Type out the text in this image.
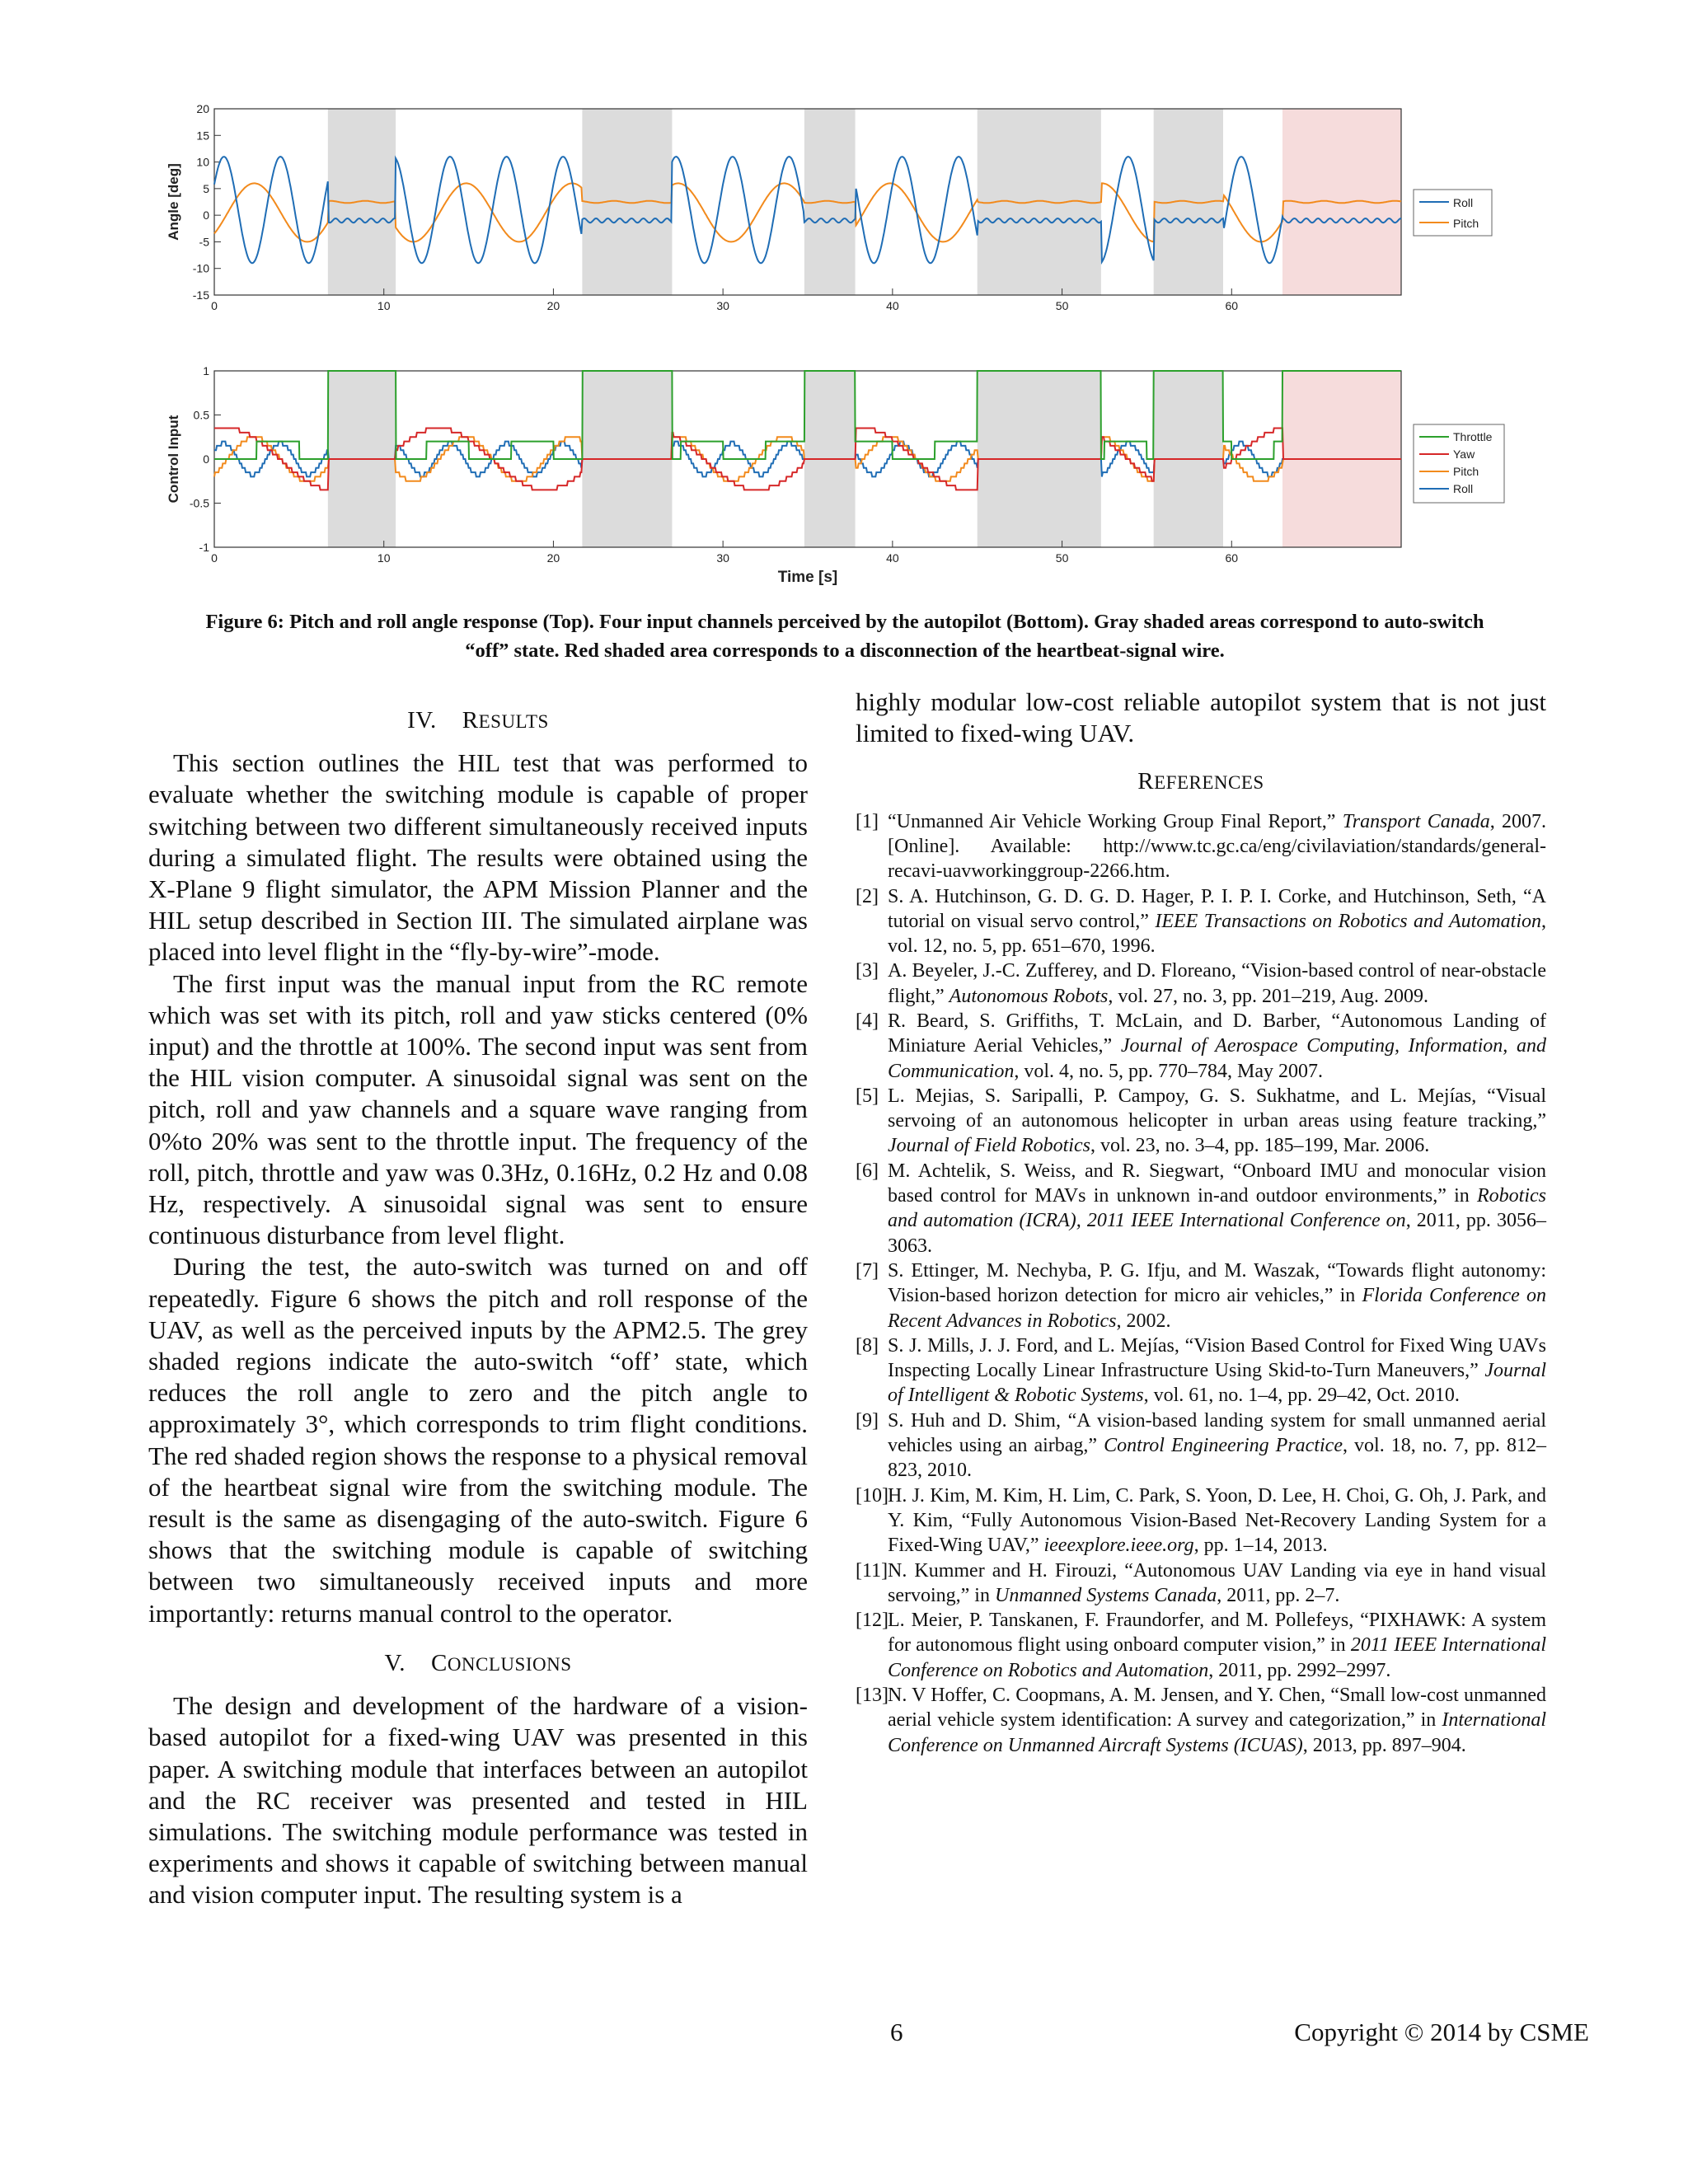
20
15
10
5
0
-5
-10
-15
0	10	20	30	40	50	60
Angle [deg]	Roll
Pitch
1
0.5
0
-0.5
-1
0	10	20	30	40	50	60
Control Input
Time [s]
Throttle
Yaw
Pitch
Roll
Figure 6: Pitch and roll angle response (Top). Four input channels perceived by the autopilot (Bottom). Gray shaded areas correspond to auto-switch
“off” state. Red shaded area corresponds to a disconnection of the heartbeat-signal wire.
IV. RESULTS

This section outlines the HIL test that was performed to evaluate whether the switching module is capable of proper switching between two different simultaneously received inputs during a simulated flight. The results were obtained using the X-Plane 9 flight simulator, the APM Mission Planner and the HIL setup described in Section III. The simulated airplane was placed into level flight in the “fly-by-wire”-mode.

The first input was the manual input from the RC remote which was set with its pitch, roll and yaw sticks centered (0% input) and the throttle at 100%. The second input was sent from the HIL vision computer. A sinusoidal signal was sent on the pitch, roll and yaw channels and a square wave ranging from 0%to 20% was sent to the throttle input. The frequency of the roll, pitch, throttle and yaw was 0.3Hz, 0.16Hz, 0.2 Hz and 0.08 Hz, respectively. A sinusoidal signal was sent to ensure continuous disturbance from level flight.

During the test, the auto-switch was turned on and off repeatedly. Figure 6 shows the pitch and roll response of the UAV, as well as the perceived inputs by the APM2.5. The grey shaded regions indicate the auto-switch “off’ state, which reduces the roll angle to zero and the pitch angle to approximately 3°, which corresponds to trim flight conditions. The red shaded region shows the response to a physical removal of the heartbeat signal wire from the switching module. The result is the same as disengaging of the auto-switch. Figure 6 shows that the switching module is capable of switching between two simultaneously received inputs and more importantly: returns manual control to the operator.

V. CONCLUSIONS

The design and development of the hardware of a vision-based autopilot for a fixed-wing UAV was presented in this paper. A switching module that interfaces between an autopilot and the RC receiver was presented and tested in HIL simulations. The switching module performance was tested in experiments and shows it capable of switching between manual and vision computer input. The resulting system is a

highly modular low-cost reliable autopilot system that is not just limited to fixed-wing UAV.

REFERENCES
[1] “Unmanned Air Vehicle Working Group Final Report,” Transport Canada, 2007. [Online]. Available: http://www.tc.gc.ca/eng/civilaviation/standards/general-recavi-uavworkinggroup-2266.htm.
[2] S. A. Hutchinson, G. D. G. D. Hager, P. I. P. I. Corke, and Hutchinson, Seth, “A tutorial on visual servo control,” IEEE Transactions on Robotics and Automation, vol. 12, no. 5, pp. 651–670, 1996.
[3] A. Beyeler, J.-C. Zufferey, and D. Floreano, “Vision-based control of near-obstacle flight,” Autonomous Robots, vol. 27, no. 3, pp. 201–219, Aug. 2009.
[4] R. Beard, S. Griffiths, T. McLain, and D. Barber, “Autonomous Landing of Miniature Aerial Vehicles,” Journal of Aerospace Computing, Information, and Communication, vol. 4, no. 5, pp. 770–784, May 2007.
[5] L. Mejias, S. Saripalli, P. Campoy, G. S. Sukhatme, and L. Mejías, “Visual servoing of an autonomous helicopter in urban areas using feature tracking,” Journal of Field Robotics, vol. 23, no. 3–4, pp. 185–199, Mar. 2006.
[6] M. Achtelik, S. Weiss, and R. Siegwart, “Onboard IMU and monocular vision based control for MAVs in unknown in-and outdoor environments,” in Robotics and automation (ICRA), 2011 IEEE International Conference on, 2011, pp. 3056–3063.
[7] S. Ettinger, M. Nechyba, P. G. Ifju, and M. Waszak, “Towards flight autonomy: Vision-based horizon detection for micro air vehicles,” in Florida Conference on Recent Advances in Robotics, 2002.
[8] S. J. Mills, J. J. Ford, and L. Mejías, “Vision Based Control for Fixed Wing UAVs Inspecting Locally Linear Infrastructure Using Skid-to-Turn Maneuvers,” Journal of Intelligent & Robotic Systems, vol. 61, no. 1–4, pp. 29–42, Oct. 2010.
[9] S. Huh and D. Shim, “A vision-based landing system for small unmanned aerial vehicles using an airbag,” Control Engineering Practice, vol. 18, no. 7, pp. 812–823, 2010.
[10] H. J. Kim, M. Kim, H. Lim, C. Park, S. Yoon, D. Lee, H. Choi, G. Oh, J. Park, and Y. Kim, “Fully Autonomous Vision-Based Net-Recovery Landing System for a Fixed-Wing UAV,” ieeexplore.ieee.org, pp. 1–14, 2013.
[11] N. Kummer and H. Firouzi, “Autonomous UAV Landing via eye in hand visual servoing,” in Unmanned Systems Canada, 2011, pp. 2–7.
[12] L. Meier, P. Tanskanen, F. Fraundorfer, and M. Pollefeys, “PIXHAWK: A system for autonomous flight using onboard computer vision,” in 2011 IEEE International Conference on Robotics and Automation, 2011, pp. 2992–2997.
[13] N. V Hoffer, C. Coopmans, A. M. Jensen, and Y. Chen, “Small low-cost unmanned aerial vehicle system identification: A survey and categorization,” in International Conference on Unmanned Aircraft Systems (ICUAS), 2013, pp. 897–904.
6	Copyright © 2014 by CSME
